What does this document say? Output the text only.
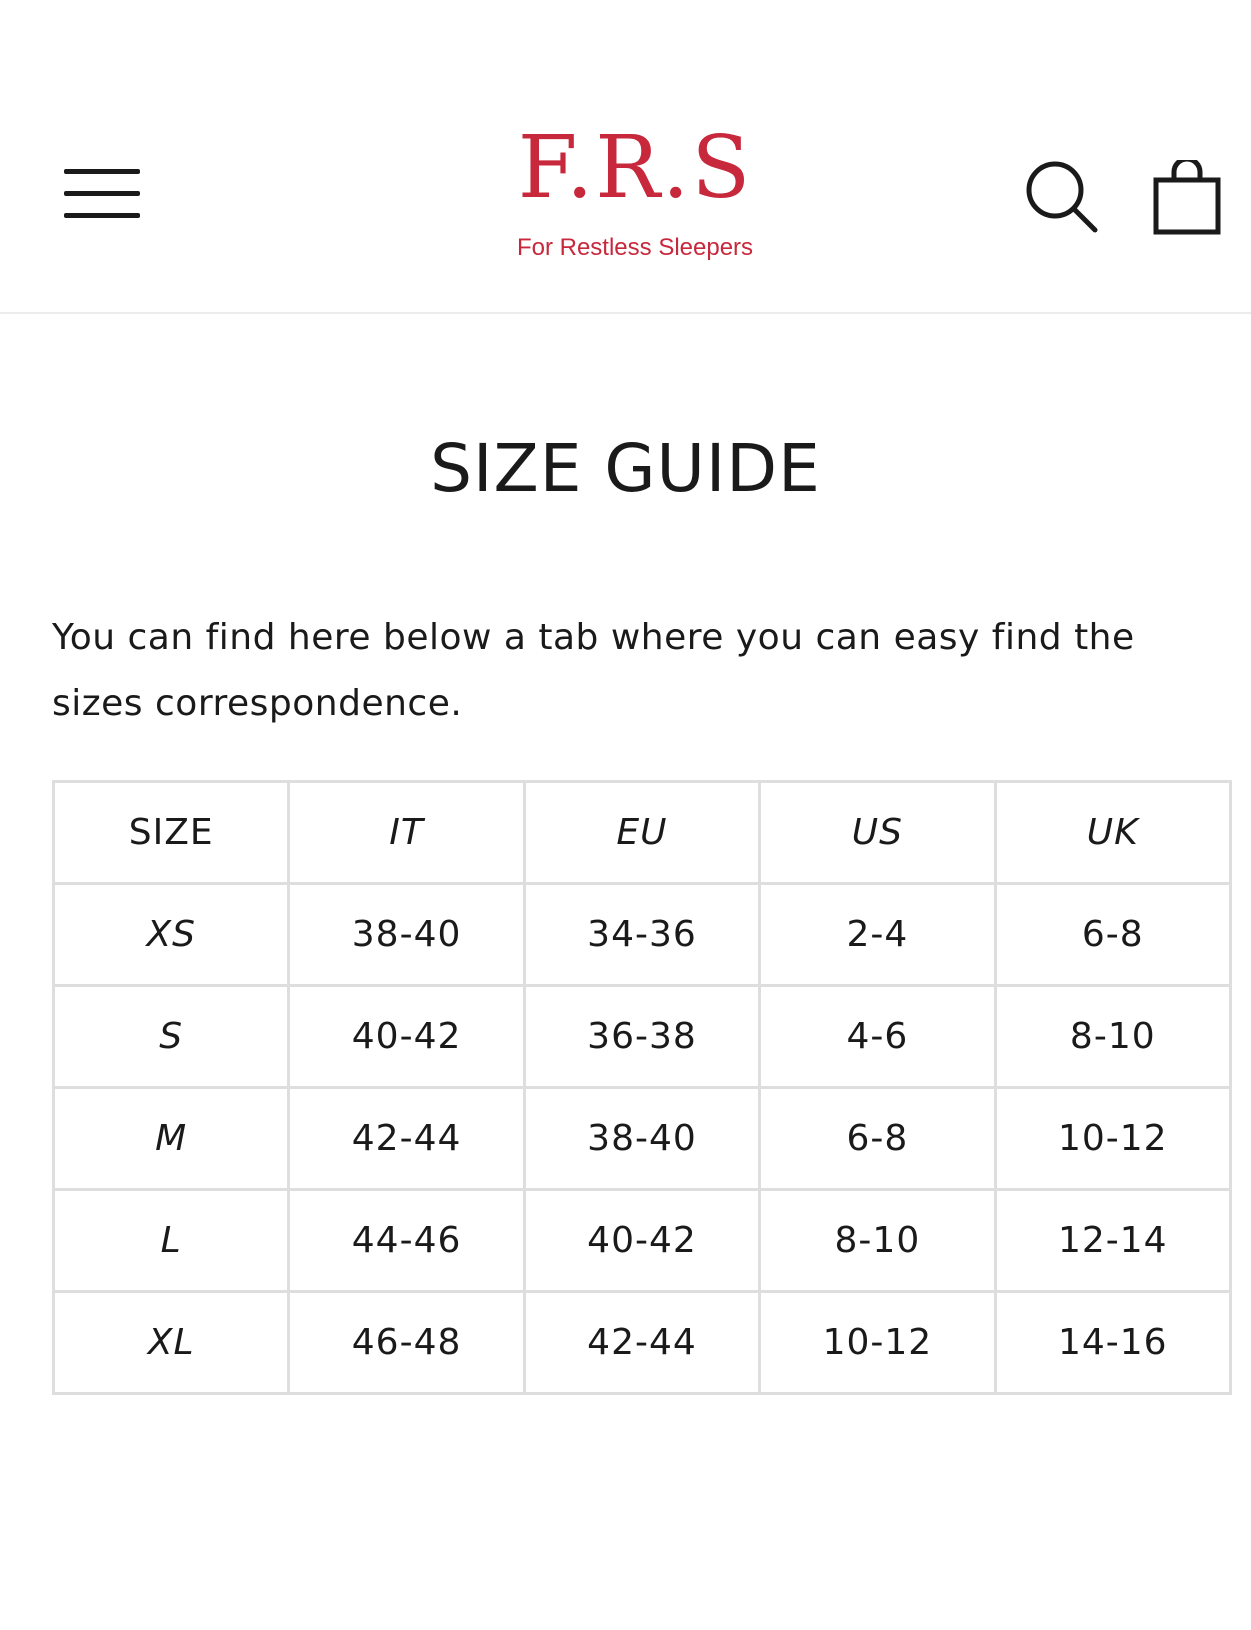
F.R.S
For Restless Sleepers
SIZE GUIDE

You can find here below a tab where you can easy find the sizes correspondence.

SIZE	IT	EU	US	UK
XS	38-40	34-36	2-4	6-8
S	40-42	36-38	4-6	8-10
M	42-44	38-40	6-8	10-12
L	44-46	40-42	8-10	12-14
XL	46-48	42-44	10-12	14-16
